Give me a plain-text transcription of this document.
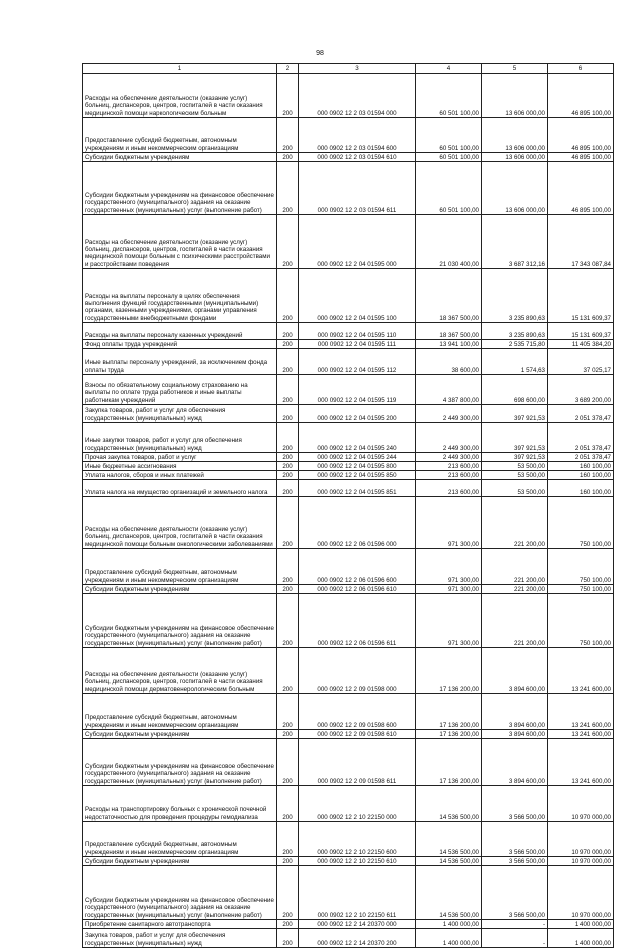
98
1	2	3	4	5	6
Расходы на обеспечение деятельности (оказание услуг) больниц, диспансеров, центров, госпиталей в части оказания медицинской помощи наркологическим больным	200	000 0902 12 2 03 01594 000	60 501 100,00	13 606 000,00	46 895 100,00
Предоставление субсидий бюджетным, автономным учреждениям и иным некоммерческим организациям	200	000 0902 12 2 03 01594 600	60 501 100,00	13 606 000,00	46 895 100,00
Субсидии бюджетным учреждениям	200	000 0902 12 2 03 01594 610	60 501 100,00	13 606 000,00	46 895 100,00
Субсидии бюджетным учреждениям на финансовое обеспечение государственного (муниципального) задания на оказание государственных (муниципальных) услуг (выполнение работ)	200	000 0902 12 2 03 01594 611	60 501 100,00	13 606 000,00	46 895 100,00
Расходы на обеспечение деятельности (оказание услуг) больниц, диспансеров, центров, госпиталей в части оказания медицинской помощи больным с психическими расстройствами и расстройствами поведения	200	000 0902 12 2 04 01595 000	21 030 400,00	3 687 312,16	17 343 087,84
Расходы на выплаты персоналу в целях обеспечения выполнения функций государственными (муниципальными) органами, казенными учреждениями, органами управления государственными внебюджетными фондами	200	000 0902 12 2 04 01595 100	18 367 500,00	3 235 890,63	15 131 609,37
Расходы на выплаты персоналу казенных учреждений	200	000 0902 12 2 04 01595 110	18 367 500,00	3 235 890,63	15 131 609,37
Фонд оплаты труда учреждений	200	000 0902 12 2 04 01595 111	13 941 100,00	2 535 715,80	11 405 384,20
Иные выплаты персоналу учреждений, за исключением фонда оплаты труда	200	000 0902 12 2 04 01595 112	38 600,00	1 574,63	37 025,17
Взносы по обязательному социальному страхованию на выплаты по оплате труда работников и иные выплаты работникам учреждений	200	000 0902 12 2 04 01595 119	4 387 800,00	698 600,00	3 689 200,00
Закупка товаров, работ и услуг для обеспечения государственных (муниципальных) нужд	200	000 0902 12 2 04 01595 200	2 449 300,00	397 921,53	2 051 378,47
Иные закупки товаров, работ и услуг для обеспечения государственных (муниципальных) нужд	200	000 0902 12 2 04 01595 240	2 449 300,00	397 921,53	2 051 378,47
Прочая закупка товаров, работ и услуг	200	000 0902 12 2 04 01595 244	2 449 300,00	397 921,53	2 051 378,47
Иные бюджетные ассигнования	200	000 0902 12 2 04 01595 800	213 600,00	53 500,00	160 100,00
Уплата налогов, сборов и иных платежей	200	000 0902 12 2 04 01595 850	213 600,00	53 500,00	160 100,00
Уплата налога на имущество организаций и земельного налога	200	000 0902 12 2 04 01595 851	213 600,00	53 500,00	160 100,00
Расходы на обеспечение деятельности (оказание услуг) больниц, диспансеров, центров, госпиталей в части оказания медицинской помощи больным онкологическими заболеваниями	200	000 0902 12 2 06 01596 000	971 300,00	221 200,00	750 100,00
Предоставление субсидий бюджетным, автономным учреждениям и иным некоммерческим организациям	200	000 0902 12 2 06 01596 600	971 300,00	221 200,00	750 100,00
Субсидии бюджетным учреждениям	200	000 0902 12 2 06 01596 610	971 300,00	221 200,00	750 100,00
Субсидии бюджетным учреждениям на финансовое обеспечение государственного (муниципального) задания на оказание государственных (муниципальных) услуг (выполнение работ)	200	000 0902 12 2 06 01596 611	971 300,00	221 200,00	750 100,00
Расходы на обеспечение деятельности (оказание услуг) больниц, диспансеров, центров, госпиталей в части оказания медицинской помощи дерматовенерологическим больным	200	000 0902 12 2 09 01598 000	17 136 200,00	3 894 600,00	13 241 600,00
Предоставление субсидий бюджетным, автономным учреждениям и иным некоммерческим организациям	200	000 0902 12 2 09 01598 600	17 136 200,00	3 894 600,00	13 241 600,00
Субсидии бюджетным учреждениям	200	000 0902 12 2 09 01598 610	17 136 200,00	3 894 600,00	13 241 600,00
Субсидии бюджетным учреждениям на финансовое обеспечение государственного (муниципального) задания на оказание государственных (муниципальных) услуг (выполнение работ)	200	000 0902 12 2 09 01598 611	17 136 200,00	3 894 600,00	13 241 600,00
Расходы на транспортировку больных с хронической почечной недостаточностью для проведения процедуры гемодиализа	200	000 0902 12 2 10 22150 000	14 536 500,00	3 566 500,00	10 970 000,00
Предоставление субсидий бюджетным, автономным учреждениям и иным некоммерческим организациям	200	000 0902 12 2 10 22150 600	14 536 500,00	3 566 500,00	10 970 000,00
Субсидии бюджетным учреждениям	200	000 0902 12 2 10 22150 610	14 536 500,00	3 566 500,00	10 970 000,00
Субсидии бюджетным учреждениям на финансовое обеспечение государственного (муниципального) задания на оказание государственных (муниципальных) услуг (выполнение работ)	200	000 0902 12 2 10 22150 611	14 536 500,00	3 566 500,00	10 970 000,00
Приобретение санитарного автотранспорта	200	000 0902 12 2 14 20370 000	1 400 000,00	-	1 400 000,00
Закупка товаров, работ и услуг для обеспечения государственных (муниципальных) нужд	200	000 0902 12 2 14 20370 200	1 400 000,00	-	1 400 000,00
